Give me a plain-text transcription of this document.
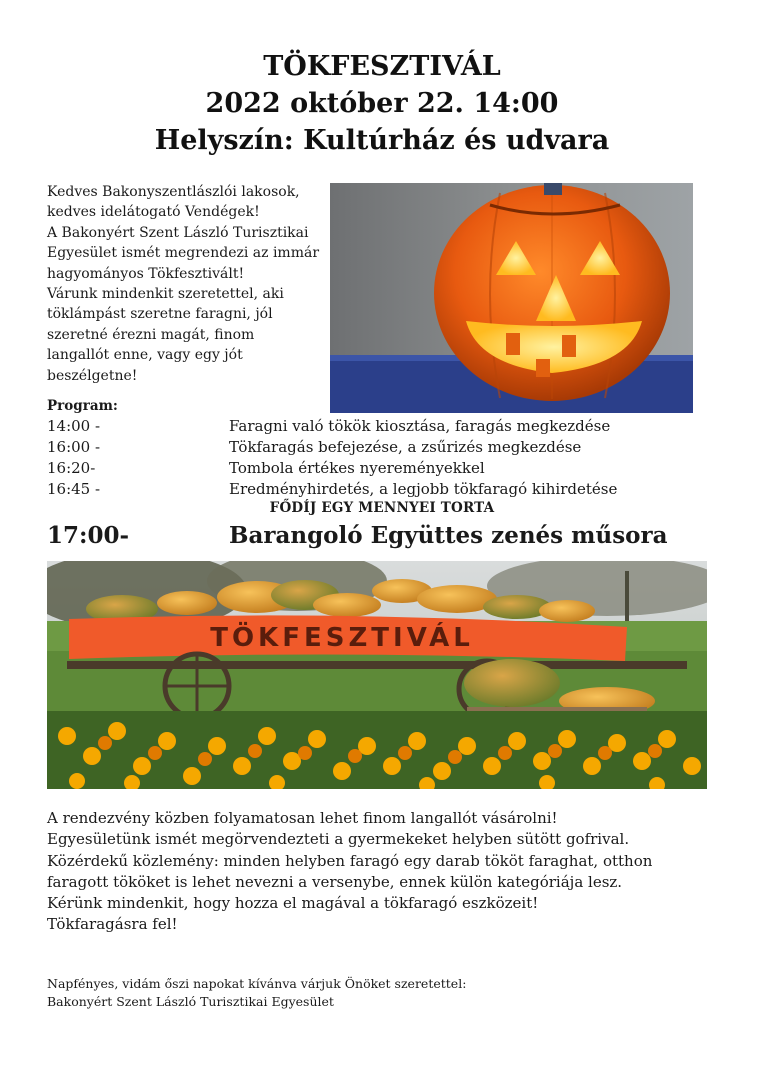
TÖKFESZTIVÁL
2022 október 22. 14:00
Helyszín: Kultúrház és udvara
Kedves Bakonyszentlászlói lakosok,
kedves idelátogató Vendégek!
A Bakonyért Szent László Turisztikai
Egyesület ismét megrendezi az immár
hagyományos Tökfesztivált!
Várunk mindenkit szeretettel, aki
töklámpást szeretne faragni, jól
szeretné érezni magát, finom
langallót enne, vagy egy jót
beszélgetne!
Program:
14:00 -	Faragni való tökök kiosztása, faragás megkezdése
16:00 -	Tökfaragás befejezése, a zsűrizés megkezdése
16:20-	Tombola értékes nyereményekkel
16:45 -	Eredményhirdetés, a legjobb tökfaragó kihirdetése
FŐDÍJ EGY MENNYEI TORTA
17:00-	Barangoló Együttes zenés műsora
TÖKFESZTIVÁL
A rendezvény közben folyamatosan lehet finom langallót vásárolni!
Egyesületünk ismét megörvendezteti a gyermekeket helyben sütött gofrival.
Közérdekű közlemény: minden helyben faragó egy darab tököt faraghat, otthon
faragott tököket is lehet nevezni a versenybe, ennek külön kategóriája lesz.
Kérünk mindenkit, hogy hozza el magával a tökfaragó eszközeit!
Tökfaragásra fel!
Napfényes, vidám őszi napokat kívánva várjuk Önöket szeretettel:
Bakonyért Szent László Turisztikai Egyesület
